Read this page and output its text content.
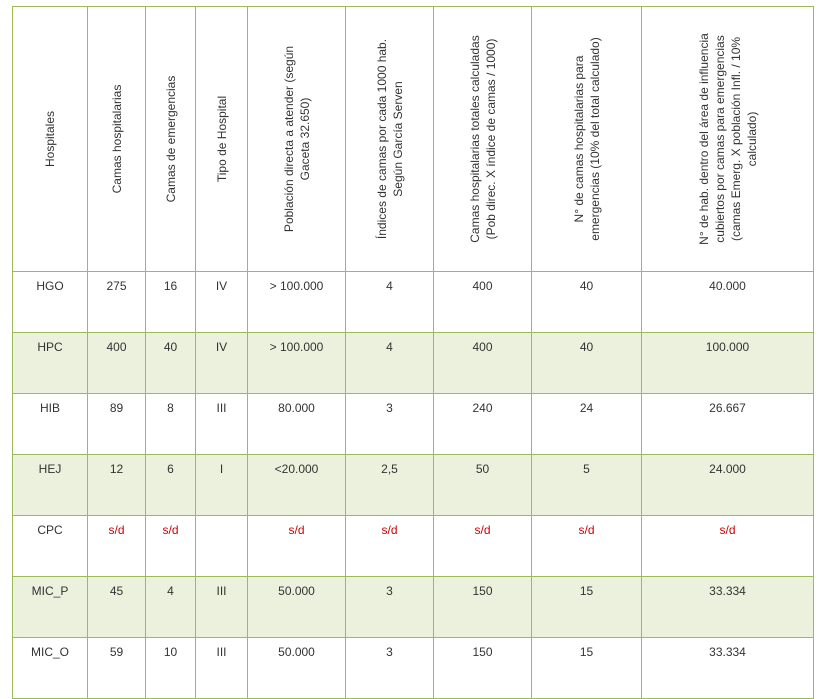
Hospitales	Camas hospitalarias	Camas de emergencias	Tipo de Hospital	Población directa a atender (según Gaceta 32.650)	Índices de camas por cada 1000 hab. Según García Serven	Camas hospitalarias totales calculadas (Pob direc. X índice de camas / 1000)	N° de camas hospitalarias para emergencias (10% del total calculado)	N° de hab. dentro del área de influencia cubiertos por camas para emergencias (camas Emerg. X población Infl. / 10% calculado)

HGO	275	16	IV	> 100.000	4	400	40	40.000
HPC	400	40	IV	> 100.000	4	400	40	100.000
HIB	89	8	III	80.000	3	240	24	26.667
HEJ	12	6	I	<20.000	2,5	50	5	24.000
CPC	s/d	s/d		s/d	s/d	s/d	s/d	s/d
MIC_P	45	4	III	50.000	3	150	15	33.334
MIC_O	59	10	III	50.000	3	150	15	33.334
